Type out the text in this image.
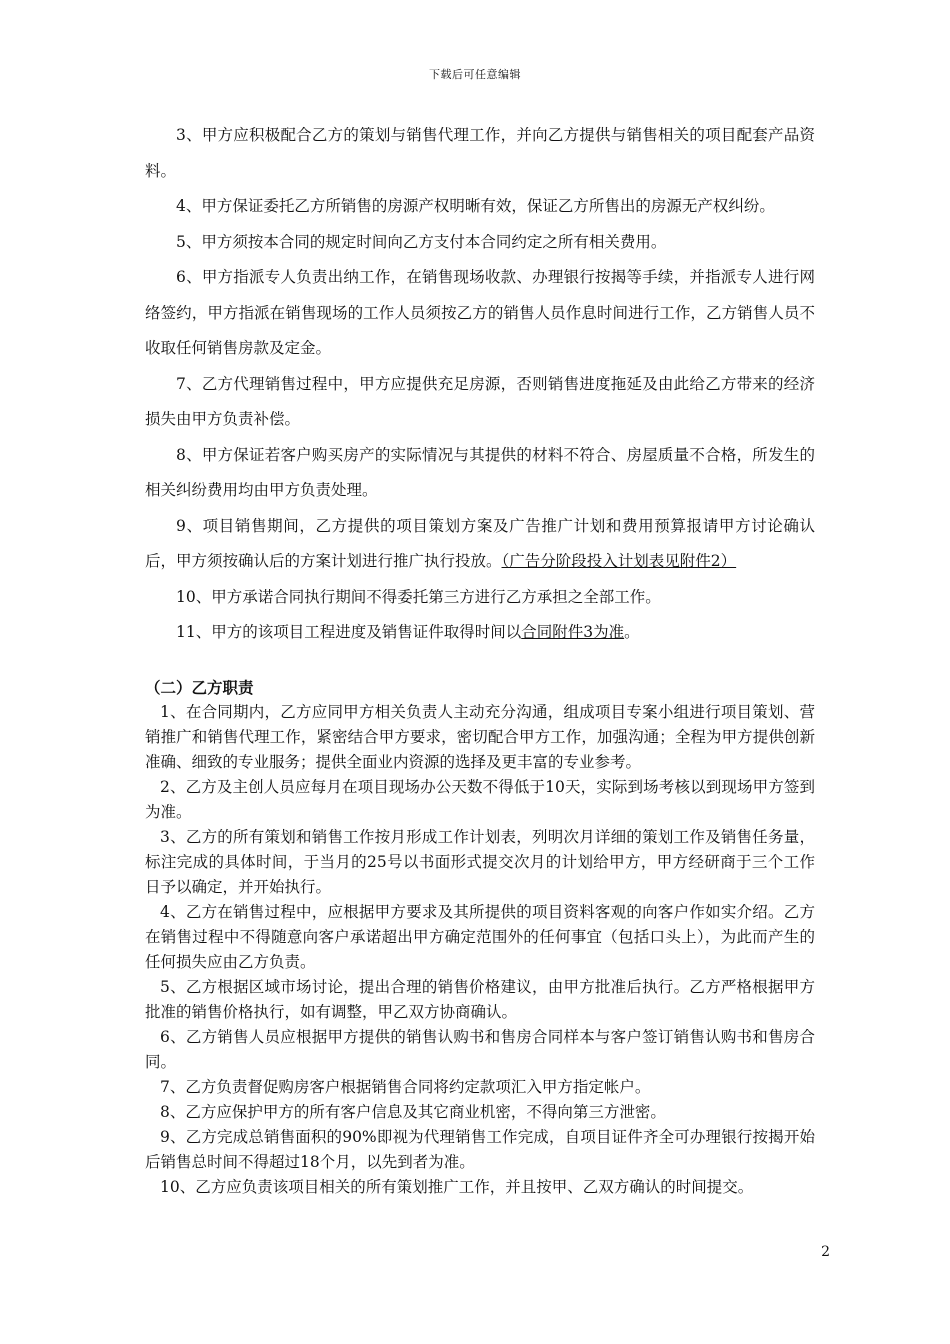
下载后可任意编辑

3、甲方应积极配合乙方的策划与销售代理工作，并向乙方提供与销售相关的项目配套产品资料。

4、甲方保证委托乙方所销售的房源产权明晰有效，保证乙方所售出的房源无产权纠纷。

5、甲方须按本合同的规定时间向乙方支付本合同约定之所有相关费用。

6、甲方指派专人负责出纳工作，在销售现场收款、办理银行按揭等手续，并指派专人进行网络签约，甲方指派在销售现场的工作人员须按乙方的销售人员作息时间进行工作，乙方销售人员不收取任何销售房款及定金。

7、乙方代理销售过程中，甲方应提供充足房源，否则销售进度拖延及由此给乙方带来的经济损失由甲方负责补偿。

8、甲方保证若客户购买房产的实际情况与其提供的材料不符合、房屋质量不合格，所发生的相关纠纷费用均由甲方负责处理。

9、项目销售期间，乙方提供的项目策划方案及广告推广计划和费用预算报请甲方讨论确认后，甲方须按确认后的方案计划进行推广执行投放。（广告分阶段投入计划表见附件2）

10、甲方承诺合同执行期间不得委托第三方进行乙方承担之全部工作。

11、甲方的该项目工程进度及销售证件取得时间以合同附件3为准。

（二）乙方职责

1、在合同期内，乙方应同甲方相关负责人主动充分沟通，组成项目专案小组进行项目策划、营销推广和销售代理工作，紧密结合甲方要求，密切配合甲方工作，加强沟通；全程为甲方提供创新准确、细致的专业服务；提供全面业内资源的选择及更丰富的专业参考。

2、乙方及主创人员应每月在项目现场办公天数不得低于10天，实际到场考核以到现场甲方签到为准。

3、乙方的所有策划和销售工作按月形成工作计划表，列明次月详细的策划工作及销售任务量，标注完成的具体时间，于当月的25号以书面形式提交次月的计划给甲方，甲方经研商于三个工作日予以确定，并开始执行。

4、乙方在销售过程中，应根据甲方要求及其所提供的项目资料客观的向客户作如实介绍。乙方在销售过程中不得随意向客户承诺超出甲方确定范围外的任何事宜（包括口头上），为此而产生的任何损失应由乙方负责。

5、乙方根据区域市场讨论，提出合理的销售价格建议，由甲方批准后执行。乙方严格根据甲方批准的销售价格执行，如有调整，甲乙双方协商确认。

6、乙方销售人员应根据甲方提供的销售认购书和售房合同样本与客户签订销售认购书和售房合同。

7、乙方负责督促购房客户根据销售合同将约定款项汇入甲方指定帐户。

8、乙方应保护甲方的所有客户信息及其它商业机密，不得向第三方泄密。

9、乙方完成总销售面积的90%即视为代理销售工作完成，自项目证件齐全可办理银行按揭开始后销售总时间不得超过18个月，以先到者为准。

10、乙方应负责该项目相关的所有策划推广工作，并且按甲、乙双方确认的时间提交。

2
